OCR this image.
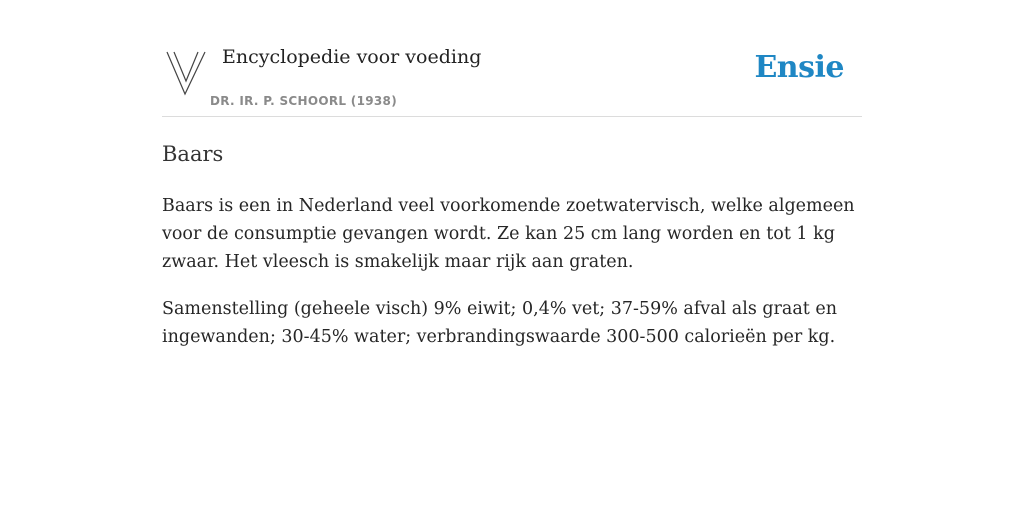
Encyclopedie voor voeding
DR. IR. P. SCHOORL (1938)
Ensie
Baars

Baars is een in Nederland veel voorkomende zoetwatervisch, welke algemeen voor de consumptie gevangen wordt. Ze kan 25 cm lang worden en tot 1 kg zwaar. Het vleesch is smakelijk maar rijk aan graten.

Samenstelling (geheele visch) 9% eiwit; 0,4% vet; 37-59% afval als graat en ingewanden; 30-45% water; verbrandingswaarde 300-500 calorieën per kg.
